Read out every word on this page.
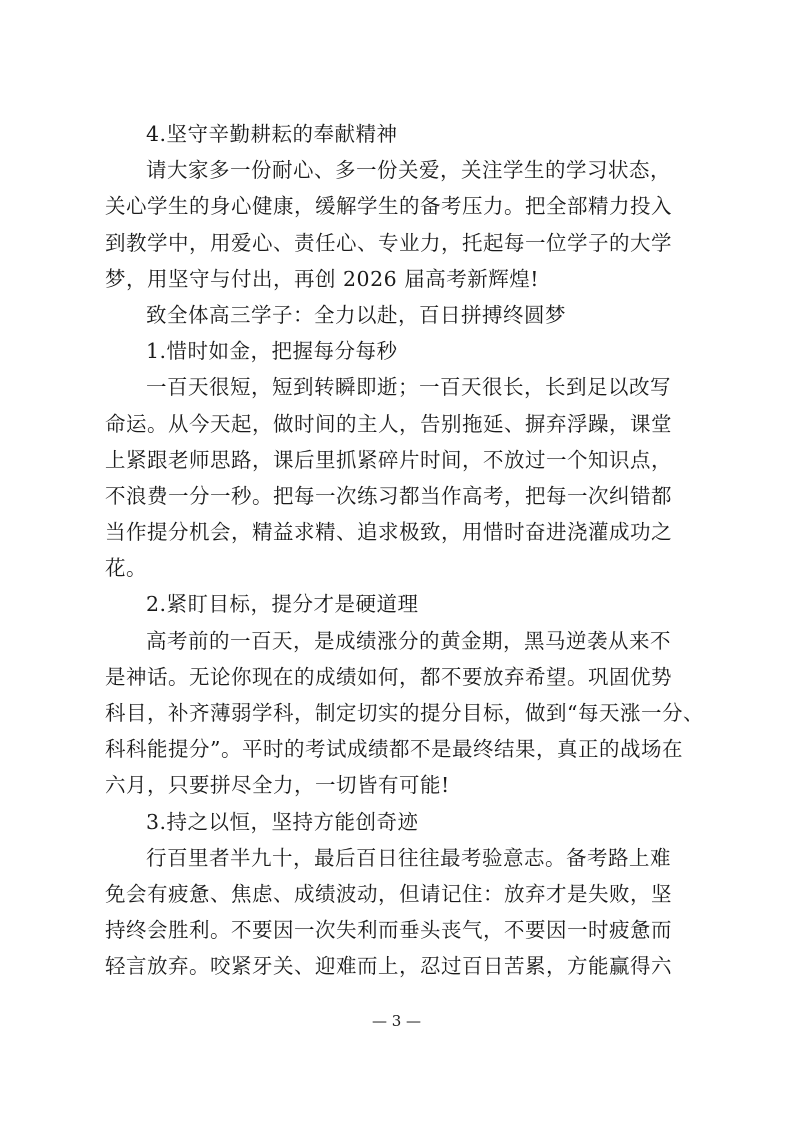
4.坚守辛勤耕耘的奉献精神
请大家多一份耐心、多一份关爱，关注学生的学习状态，
关心学生的身心健康，缓解学生的备考压力。把全部精力投入
到教学中，用爱心、责任心、专业力，托起每一位学子的大学
梦，用坚守与付出，再创 2026 届高考新辉煌!
致全体高三学子：全力以赴，百日拼搏终圆梦
1.惜时如金，把握每分每秒
一百天很短，短到转瞬即逝；一百天很长，长到足以改写
命运。从今天起，做时间的主人，告别拖延、摒弃浮躁，课堂
上紧跟老师思路，课后里抓紧碎片时间，不放过一个知识点，
不浪费一分一秒。把每一次练习都当作高考，把每一次纠错都
当作提分机会，精益求精、追求极致，用惜时奋进浇灌成功之
花。
2.紧盯目标，提分才是硬道理
高考前的一百天，是成绩涨分的黄金期，黑马逆袭从来不
是神话。无论你现在的成绩如何，都不要放弃希望。巩固优势
科目，补齐薄弱学科，制定切实的提分目标，做到“每天涨一分、
科科能提分”。平时的考试成绩都不是最终结果，真正的战场在
六月，只要拼尽全力，一切皆有可能!
3.持之以恒，坚持方能创奇迹
行百里者半九十，最后百日往往最考验意志。备考路上难
免会有疲惫、焦虑、成绩波动，但请记住：放弃才是失败，坚
持终会胜利。不要因一次失利而垂头丧气，不要因一时疲惫而
轻言放弃。咬紧牙关、迎难而上，忍过百日苦累，方能赢得六
— 3 —
